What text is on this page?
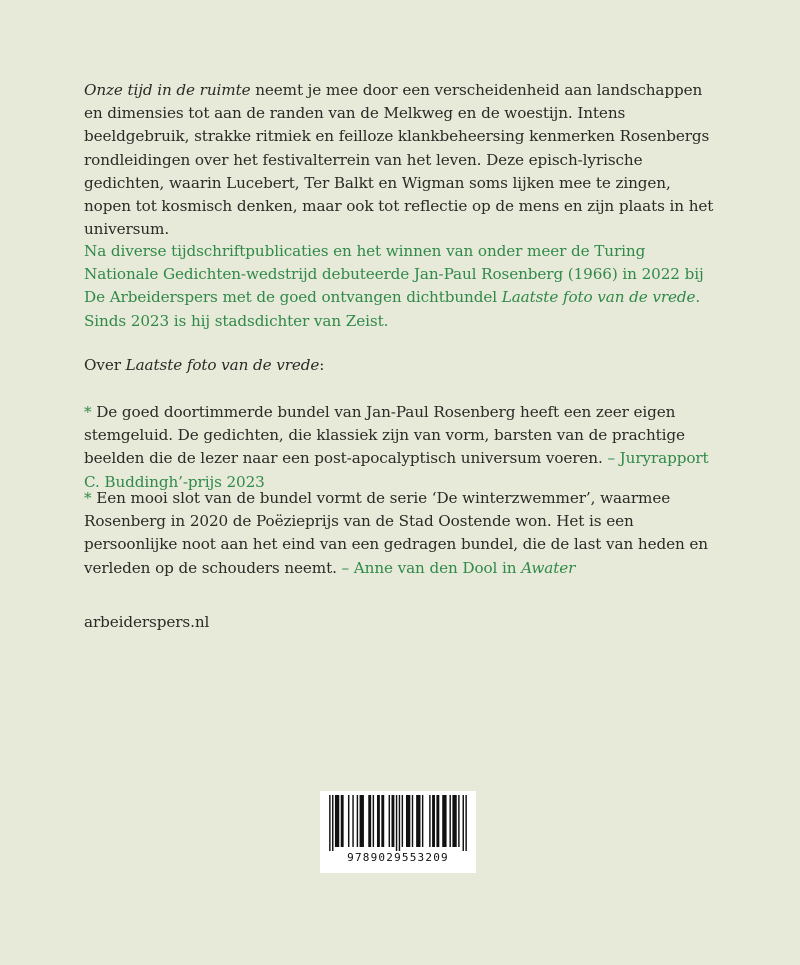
Onze tijd in de ruimte neemt je mee door een verscheidenheid aan landschappen en dimensies tot aan de randen van de Melkweg en de woestijn. Intens beeldgebruik, strakke ritmiek en feilloze klankbeheersing kenmerken Rosenbergs rondleidingen over het festivalterrein van het leven. Deze episch-lyrische gedichten, waarin Lucebert, Ter Balkt en Wigman soms lijken mee te zingen, nopen tot kosmisch denken, maar ook tot reflectie op de mens en zijn plaats in het universum.

Na diverse tijdschriftpublicaties en het winnen van onder meer de Turing Nationale Gedichten-wedstrijd debuteerde Jan-Paul Rosenberg (1966) in 2022 bij De Arbeiderspers met de goed ontvangen dichtbundel Laatste foto van de vrede. Sinds 2023 is hij stadsdichter van Zeist.

Over Laatste foto van de vrede:

* De goed doortimmerde bundel van Jan-Paul Rosenberg heeft een zeer eigen stemgeluid. De gedichten, die klassiek zijn van vorm, barsten van de prachtige beelden die de lezer naar een post-apocalyptisch universum voeren. – Juryrapport C. Buddingh’-prijs 2023

* Een mooi slot van de bundel vormt de serie ‘De winterzwemmer’, waarmee Rosenberg in 2020 de Poëzieprijs van de Stad Oostende won. Het is een persoonlijke noot aan het eind van een gedragen bundel, die de last van heden en verleden op de schouders neemt. – Anne van den Dool in Awater

arbeiderspers.nl

9789029553209
